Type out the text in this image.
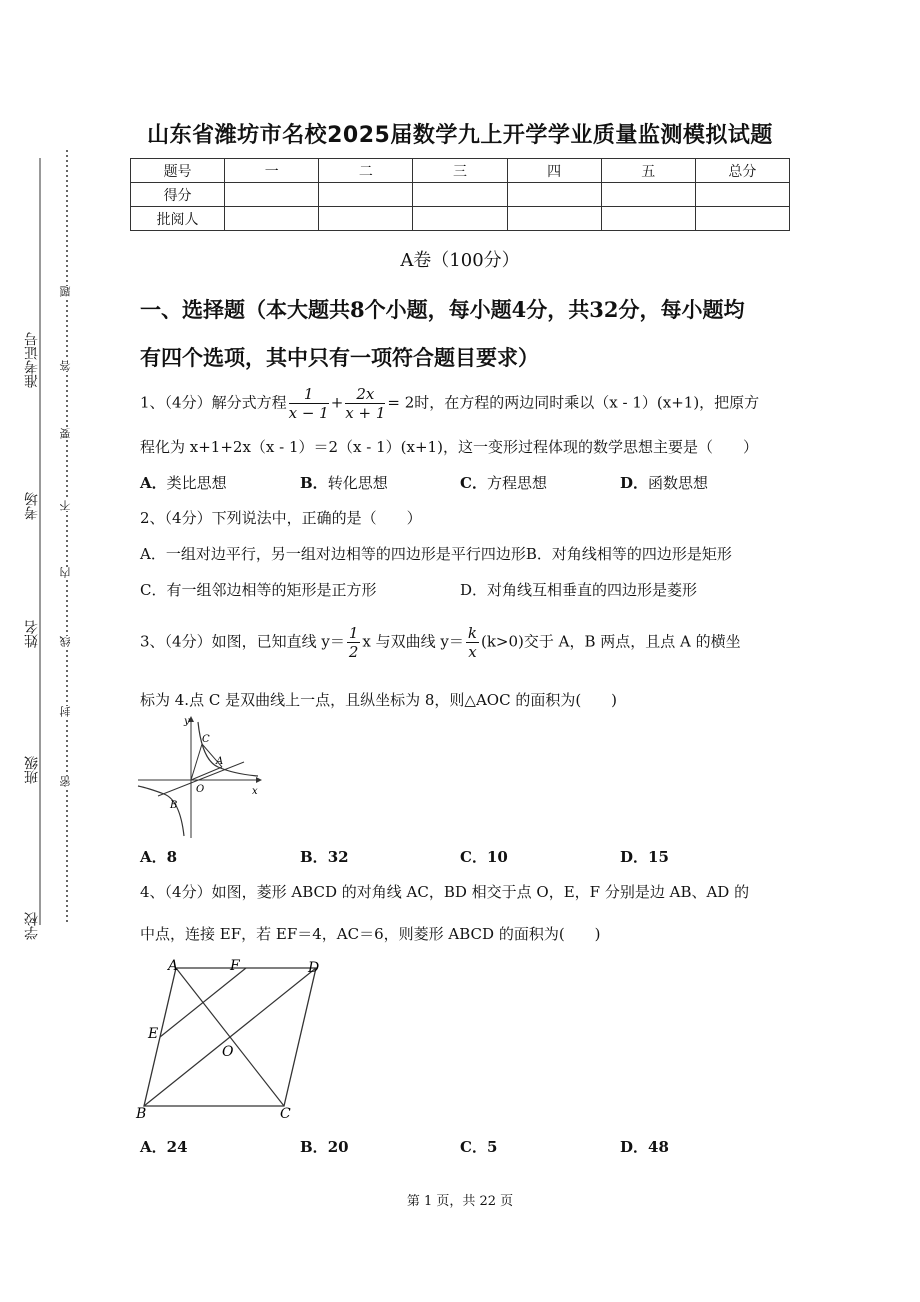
准考证号
考场
姓名
班级
学校
题
答
要
不
内
线
封
密
山东省潍坊市名校2025届数学九上开学学业质量监测模拟试题
题号	一	二	三	四	五	总分
得分						
批阅人						
A卷（100分）
一、选择题（本大题共8个小题，每小题4分，共32分，每小题均
有四个选项，其中只有一项符合题目要求）
1、（4分）解分式方程 $\frac{1}{x - 1} + \frac{2x}{x + 1} = 2$时，在方程的两边同时乘以（x - 1）(x+1)，把原方
程化为 x+1+2x（x - 1）＝2（x - 1）(x+1)，这一变形过程体现的数学思想主要是（　　）
A．类比思想	B．转化思想	C．方程思想	D．函数思想
2、（4分）下列说法中，正确的是（　　）
A．一组对边平行，另一组对边相等的四边形是平行四边形B．对角线相等的四边形是矩形
C．有一组邻边相等的矩形是正方形	D．对角线互相垂直的四边形是菱形
3、（4分）如图，已知直线 $y= \frac{1}{2}$ x 与双曲线 $y= \frac{k}{x} (k>0)$交于 A，B 两点，且点 A 的横坐
标为 4.点 C 是双曲线上一点，且纵坐标为 8，则△AOC 的面积为(　　)
y
x
O
A
B
C
A．8	B．32	C．10	D．15
4、（4分）如图，菱形 ABCD 的对角线 AC，BD 相交于点 O，E，F 分别是边 AB、AD 的
中点，连接 EF，若 EF＝4，AC＝6，则菱形 ABCD 的面积为(　　)
A	F	D
E
O
B	C
A．24	B．20	C．5	D．48
第 1 页，共 22 页
